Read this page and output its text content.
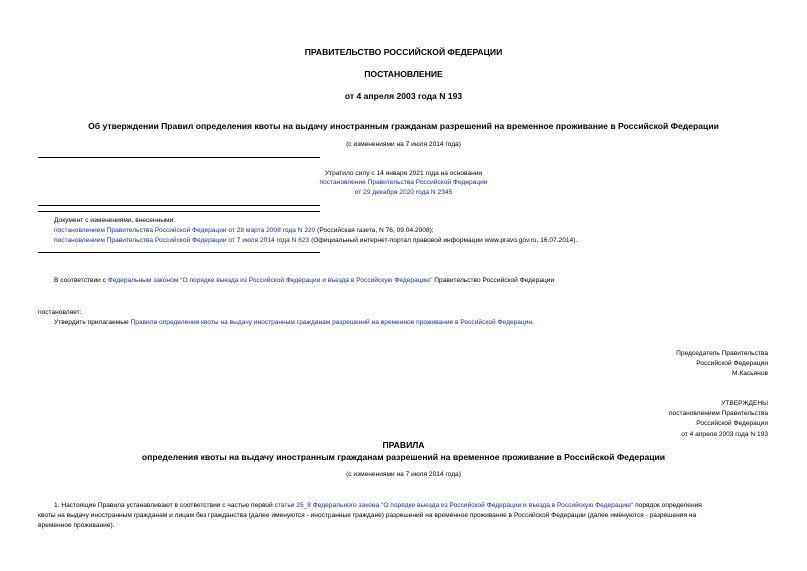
ПРАВИТЕЛЬСТВО РОССИЙСКОЙ ФЕДЕРАЦИИ
ПОСТАНОВЛЕНИЕ
от 4 апреля 2003 года N 193
Об утверждении Правил определения квоты на выдачу иностранным гражданам разрешений на временное проживание в Российской Федерации
(с изменениями на 7 июля 2014 года)
Утратило силу с 14 января 2021 года на основании
постановления Правительства Российской Федерации
от 29 декабря 2020 года N 2345
Документ с изменениями, внесенными:
постановлением Правительства Российской Федерации от 28 марта 2008 года N 220 (Российская газета, N 76, 09.04.2008);
постановлением Правительства Российской Федерации от 7 июля 2014 года N 623 (Официальный интернет-портал правовой информации www.pravo.gov.ru, 16.07.2014).
В соответствии с Федеральным законом "О порядке выезда из Российской Федерации и въезда в Российскую Федерацию" Правительство Российской Федерации
постановляет:
Утвердить прилагаемые Правила определения квоты на выдачу иностранным гражданам разрешений на временное проживание в Российской Федерации.
Председатель Правительства
Российской Федерации
М.Касьянов
УТВЕРЖДЕНЫ
постановлением Правительства
Российской Федерации
от 4 апреля 2003 года N 193
ПРАВИЛА
определения квоты на выдачу иностранным гражданам разрешений на временное проживание в Российской Федерации
(с изменениями на 7 июля 2014 года)
1. Настоящие Правила устанавливают в соответствии с частью первой статьи 25_8 Федерального закона "О порядке выезда из Российской Федерации и въезда в Российскую Федерацию" порядок определения
квоты на выдачу иностранным гражданам и лицам без гражданства (далее именуются - иностранные граждане) разрешений на временное проживание в Российской Федерации (далее именуются - разрешения на
временное проживание).
